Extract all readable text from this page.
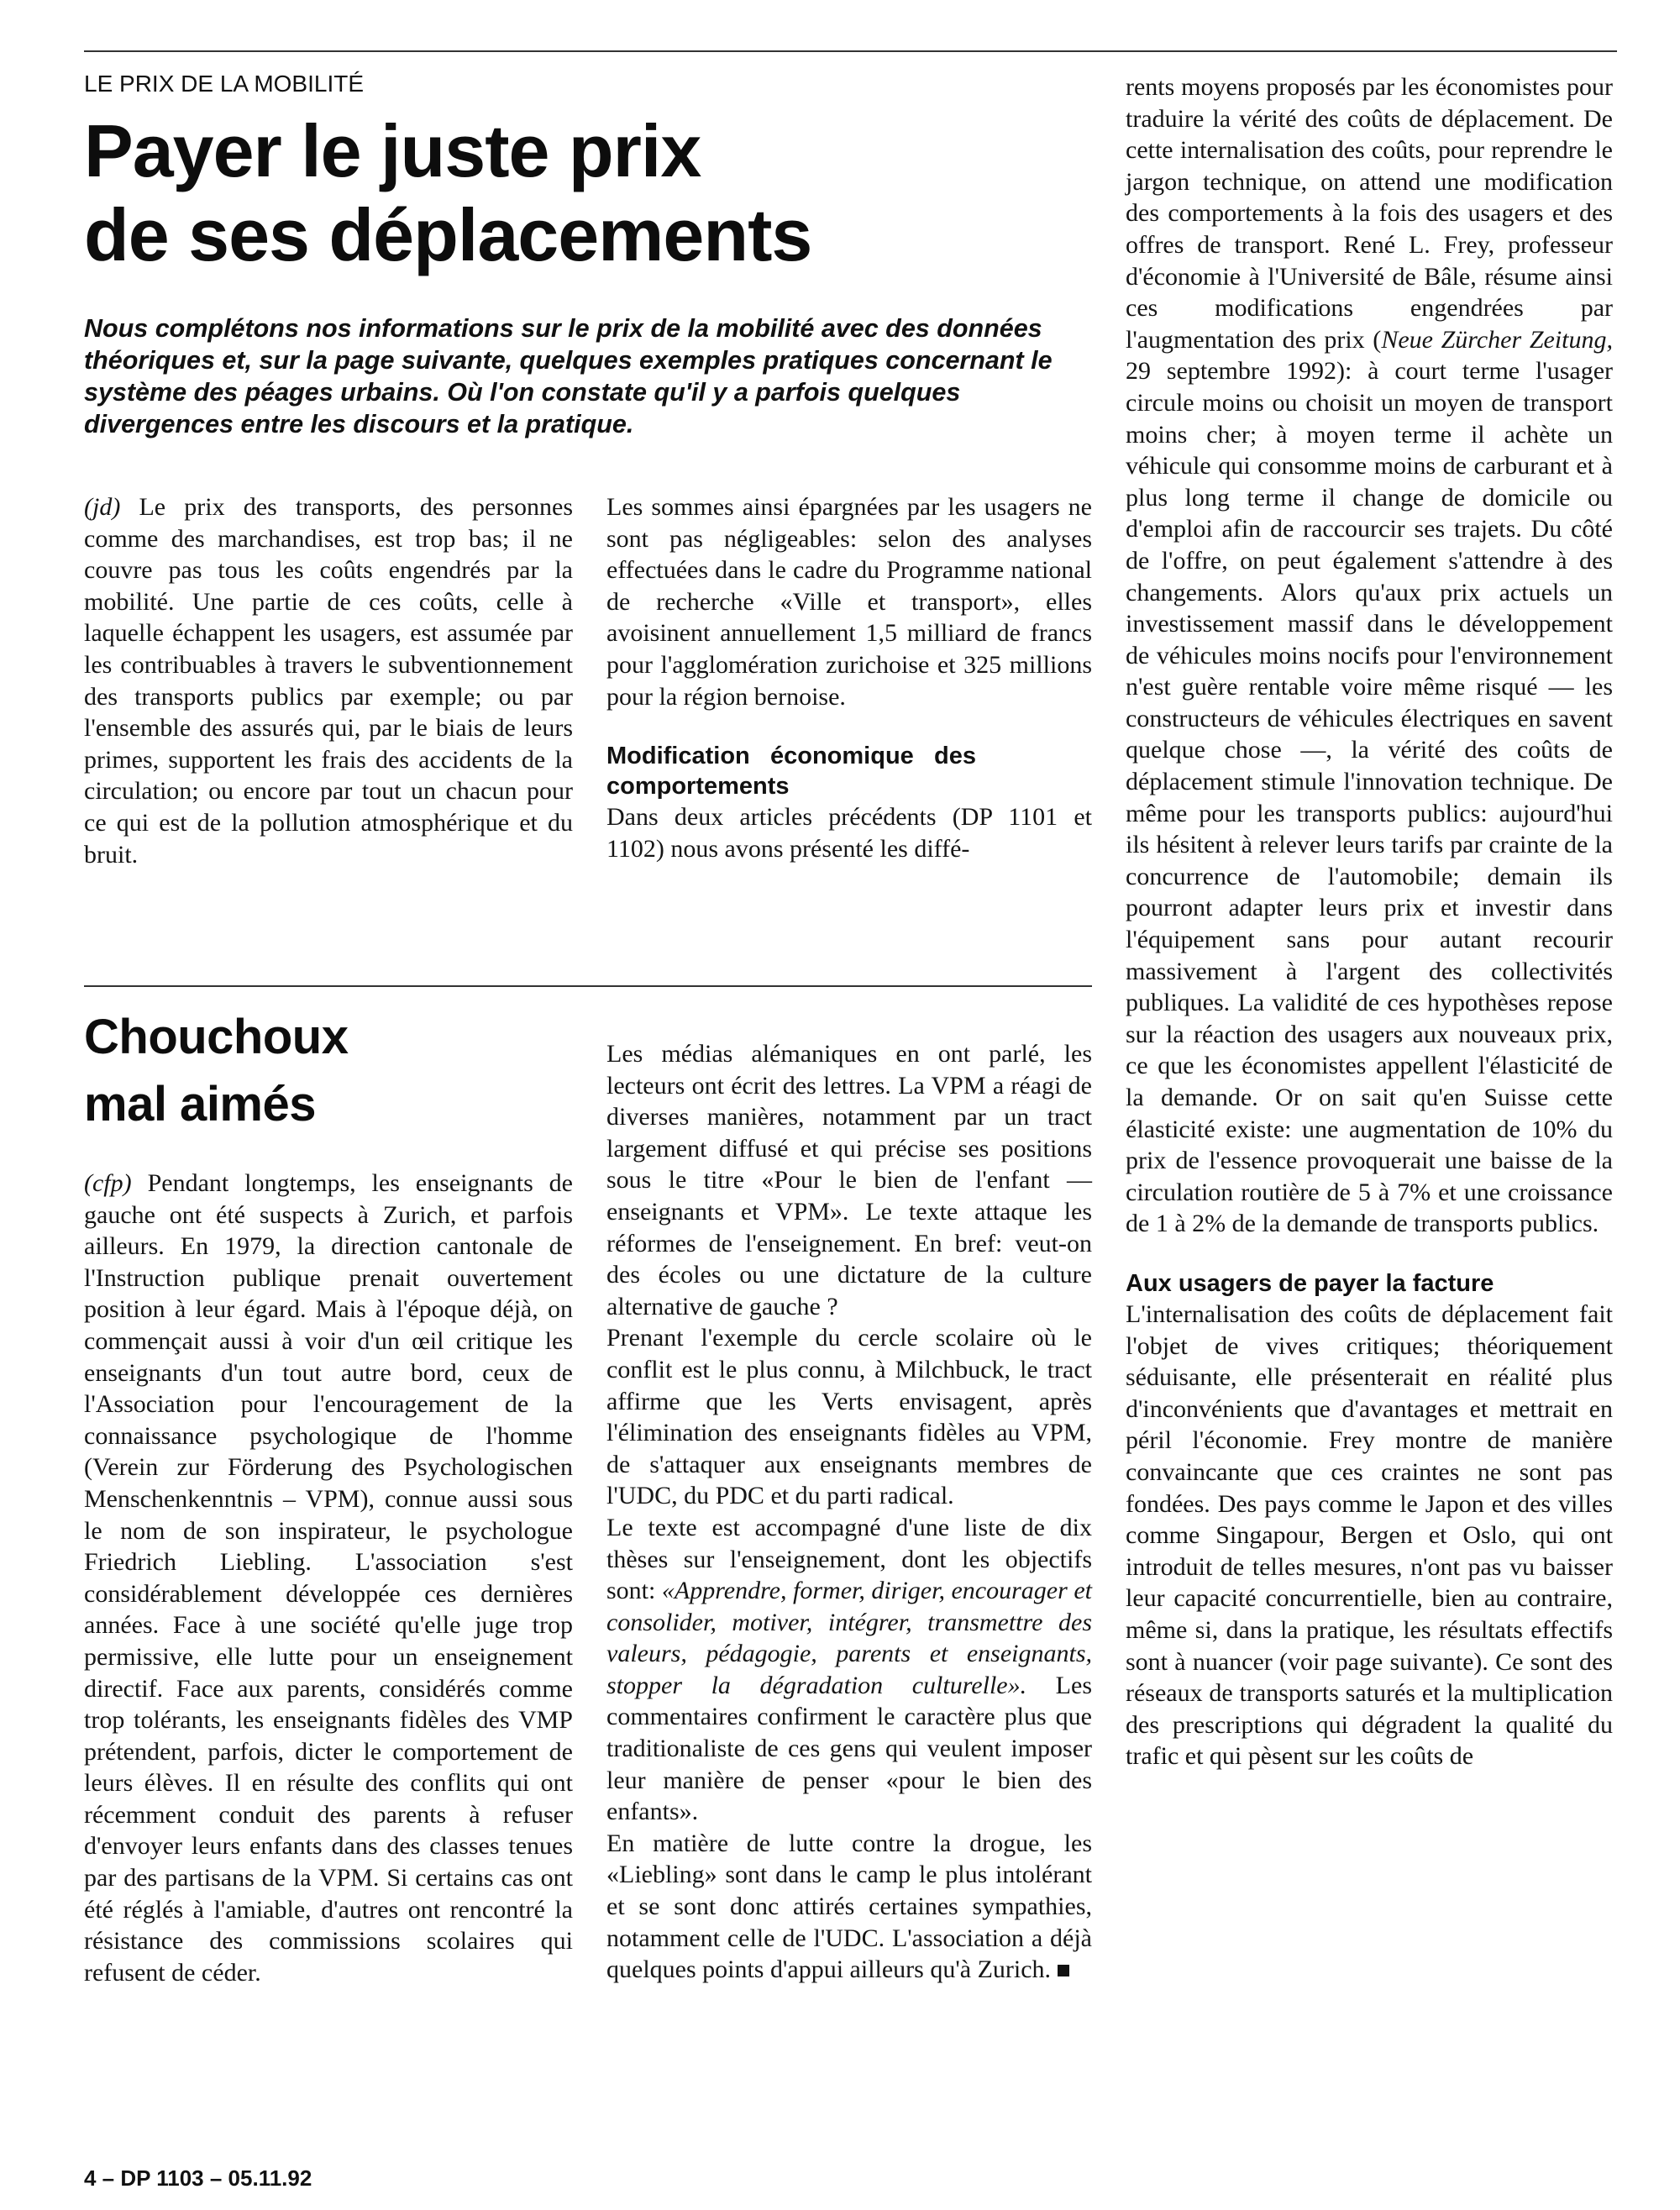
LE PRIX DE LA MOBILITÉ
Payer le juste prix
de ses déplacements

Nous complétons nos informations sur le prix de la mobilité avec des données théoriques et, sur la page suivante, quelques exemples pratiques concernant le système des péages urbains. Où l'on constate qu'il y a parfois quelques divergences entre les discours et la pratique.

(jd) Le prix des transports, des personnes comme des marchandises, est trop bas; il ne couvre pas tous les coûts engendrés par la mobilité. Une partie de ces coûts, celle à laquelle échappent les usagers, est assumée par les contribuables à travers le subventionnement des transports publics par exemple; ou par l'ensemble des assurés qui, par le biais de leurs primes, supportent les frais des accidents de la circulation; ou encore par tout un chacun pour ce qui est de la pollution atmosphérique et du bruit.

Les sommes ainsi épargnées par les usagers ne sont pas négligeables: selon des analyses effectuées dans le cadre du Programme national de recherche «Ville et transport», elles avoisinent annuellement 1,5 milliard de francs pour l'agglomération zurichoise et 325 millions pour la région bernoise.

Modification économique des comportements

Dans deux articles précédents (DP 1101 et 1102) nous avons présenté les diffé-

Chouchoux
mal aimés

(cfp) Pendant longtemps, les enseignants de gauche ont été suspects à Zurich, et parfois ailleurs. En 1979, la direction cantonale de l'Instruction publique prenait ouvertement position à leur égard. Mais à l'époque déjà, on commençait aussi à voir d'un œil critique les enseignants d'un tout autre bord, ceux de l'Association pour l'encouragement de la connaissance psychologique de l'homme (Verein zur Förderung des Psychologischen Menschenkenntnis – VPM), connue aussi sous le nom de son inspirateur, le psychologue Friedrich Liebling. L'association s'est considérablement développée ces dernières années. Face à une société qu'elle juge trop permissive, elle lutte pour un enseignement directif. Face aux parents, considérés comme trop tolérants, les enseignants fidèles des VMP prétendent, parfois, dicter le comportement de leurs élèves. Il en résulte des conflits qui ont récemment conduit des parents à refuser d'envoyer leurs enfants dans des classes tenues par des partisans de la VPM. Si certains cas ont été réglés à l'amiable, d'autres ont rencontré la résistance des commissions scolaires qui refusent de céder.

Les médias alémaniques en ont parlé, les lecteurs ont écrit des lettres. La VPM a réagi de diverses manières, notamment par un tract largement diffusé et qui précise ses positions sous le titre «Pour le bien de l'enfant — enseignants et VPM». Le texte attaque les réformes de l'enseignement. En bref: veut-on des écoles ou une dictature de la culture alternative de gauche ?

Prenant l'exemple du cercle scolaire où le conflit est le plus connu, à Milchbuck, le tract affirme que les Verts envisagent, après l'élimination des enseignants fidèles au VPM, de s'attaquer aux enseignants membres de l'UDC, du PDC et du parti radical.

Le texte est accompagné d'une liste de dix thèses sur l'enseignement, dont les objectifs sont: «Apprendre, former, diriger, encourager et consolider, motiver, intégrer, transmettre des valeurs, pédagogie, parents et enseignants, stopper la dégradation culturelle». Les commentaires confirment le caractère plus que traditionaliste de ces gens qui veulent imposer leur manière de penser «pour le bien des enfants».

En matière de lutte contre la drogue, les «Liebling» sont dans le camp le plus intolérant et se sont donc attirés certaines sympathies, notamment celle de l'UDC. L'association a déjà quelques points d'appui ailleurs qu'à Zurich.

rents moyens proposés par les économistes pour traduire la vérité des coûts de déplacement. De cette internalisation des coûts, pour reprendre le jargon technique, on attend une modification des comportements à la fois des usagers et des offres de transport. René L. Frey, professeur d'économie à l'Université de Bâle, résume ainsi ces modifications engendrées par l'augmentation des prix (Neue Zürcher Zeitung, 29 septembre 1992): à court terme l'usager circule moins ou choisit un moyen de transport moins cher; à moyen terme il achète un véhicule qui consomme moins de carburant et à plus long terme il change de domicile ou d'emploi afin de raccourcir ses trajets. Du côté de l'offre, on peut également s'attendre à des changements. Alors qu'aux prix actuels un investissement massif dans le développement de véhicules moins nocifs pour l'environnement n'est guère rentable voire même risqué — les constructeurs de véhicules électriques en savent quelque chose —, la vérité des coûts de déplacement stimule l'innovation technique. De même pour les transports publics: aujourd'hui ils hésitent à relever leurs tarifs par crainte de la concurrence de l'automobile; demain ils pourront adapter leurs prix et investir dans l'équipement sans pour autant recourir massivement à l'argent des collectivités publiques. La validité de ces hypothèses repose sur la réaction des usagers aux nouveaux prix, ce que les économistes appellent l'élasticité de la demande. Or on sait qu'en Suisse cette élasticité existe: une augmentation de 10% du prix de l'essence provoquerait une baisse de la circulation routière de 5 à 7% et une croissance de 1 à 2% de la demande de transports publics.

Aux usagers de payer la facture

L'internalisation des coûts de déplacement fait l'objet de vives critiques; théoriquement séduisante, elle présenterait en réalité plus d'inconvénients que d'avantages et mettrait en péril l'économie. Frey montre de manière convaincante que ces craintes ne sont pas fondées. Des pays comme le Japon et des villes comme Singapour, Bergen et Oslo, qui ont introduit de telles mesures, n'ont pas vu baisser leur capacité concurrentielle, bien au contraire, même si, dans la pratique, les résultats effectifs sont à nuancer (voir page suivante). Ce sont des réseaux de transports saturés et la multiplication des prescriptions qui dégradent la qualité du trafic et qui pèsent sur les coûts de

4 – DP 1103 – 05.11.92
